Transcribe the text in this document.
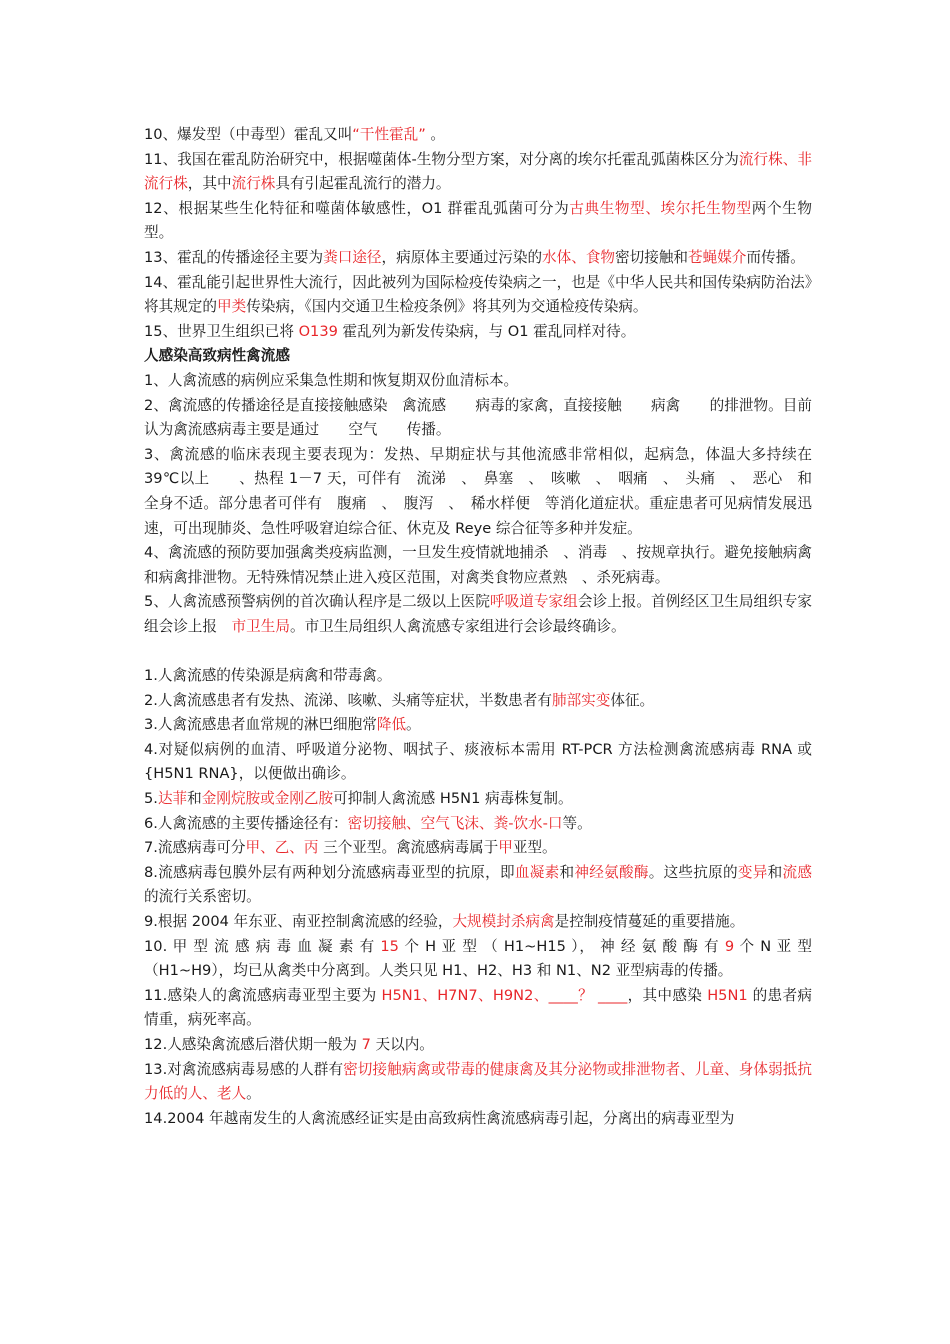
10、爆发型（中毒型）霍乱又叫“干性霍乱” 。

11、我国在霍乱防治研究中，根据噬菌体-生物分型方案，对分离的埃尔托霍乱弧菌株区分为流行株、非流行株，其中流行株具有引起霍乱流行的潜力。

12、根据某些生化特征和噬菌体敏感性，O1 群霍乱弧菌可分为古典生物型、埃尔托生物型两个生物型。

13、霍乱的传播途径主要为粪口途径，病原体主要通过污染的水体、食物密切接触和苍蝇媒介而传播。

14、霍乱能引起世界性大流行，因此被列为国际检疫传染病之一，也是《中华人民共和国传染病防治法》将其规定的甲类传染病，《国内交通卫生检疫条例》将其列为交通检疫传染病。

15、世界卫生组织已将 O139 霍乱列为新发传染病，与 O1 霍乱同样对待。

人感染高致病性禽流感

1、人禽流感的病例应采集急性期和恢复期双份血清标本。

2、禽流感的传播途径是直接接触感染　禽流感　　病毒的家禽，直接接触　　病禽　　的排泄物。目前认为禽流感病毒主要是通过　　空气　　传播。

3、禽流感的临床表现主要表现为：发热、早期症状与其他流感非常相似，起病急，体温大多持续在　　39℃以上　　、热程 1－7 天，可伴有　流涕　、　鼻塞　、　咳嗽　、　咽痛　、　头痛　、　恶心　和全身不适。部分患者可伴有　腹痛　、　腹泻　、　稀水样便　等消化道症状。重症患者可见病情发展迅速，可出现肺炎、急性呼吸窘迫综合征、休克及 Reye 综合征等多种并发症。

4、禽流感的预防要加强禽类疫病监测，一旦发生疫情就地捕杀　、消毒　、按规章执行。避免接触病禽和病禽排泄物。无特殊情况禁止进入疫区范围，对禽类食物应煮熟　、杀死病毒。

5、人禽流感预警病例的首次确认程序是二级以上医院呼吸道专家组会诊上报。首例经区卫生局组织专家组会诊上报　市卫生局。市卫生局组织人禽流感专家组进行会诊最终确诊。

1.人禽流感的传染源是病禽和带毒禽。

2.人禽流感患者有发热、流涕、咳嗽、头痛等症状，半数患者有肺部实变体征。

3.人禽流感患者血常规的淋巴细胞常降低。

4.对疑似病例的血清、呼吸道分泌物、咽拭子、痰液标本需用 RT-PCR 方法检测禽流感病毒 RNA 或{H5N1 RNA}，以便做出确诊。

5.达菲和金刚烷胺或金刚乙胺可抑制人禽流感 H5N1 病毒株复制。

6.人禽流感的主要传播途径有：密切接触、空气飞沫、粪-饮水-口等。

7.流感病毒可分甲、乙、丙 三个亚型。禽流感病毒属于甲亚型。

8.流感病毒包膜外层有两种划分流感病毒亚型的抗原，即血凝素和神经氨酸酶。这些抗原的变异和流感的流行关系密切。

9.根据 2004 年东亚、南亚控制禽流感的经验，大规模封杀病禽是控制疫情蔓延的重要措施。

10. 甲 型 流 感 病 毒 血 凝 素 有 15 个 H 亚 型 （ H1~H15 ）， 神 经 氨 酸 酶 有 9 个 N 亚 型（H1~H9），均已从禽类中分离到。人类只见 H1、H2、H3 和 N1、N2 亚型病毒的传播。

11.感染人的禽流感病毒亚型主要为 H5N1、H7N7、H9N2、____？ ____，其中感染 H5N1 的患者病情重，病死率高。

12.人感染禽流感后潜伏期一般为 7 天以内。

13.对禽流感病毒易感的人群有密切接触病禽或带毒的健康禽及其分泌物或排泄物者、儿童、身体弱抵抗力低的人、老人。

14.2004 年越南发生的人禽流感经证实是由高致病性禽流感病毒引起，分离出的病毒亚型为
